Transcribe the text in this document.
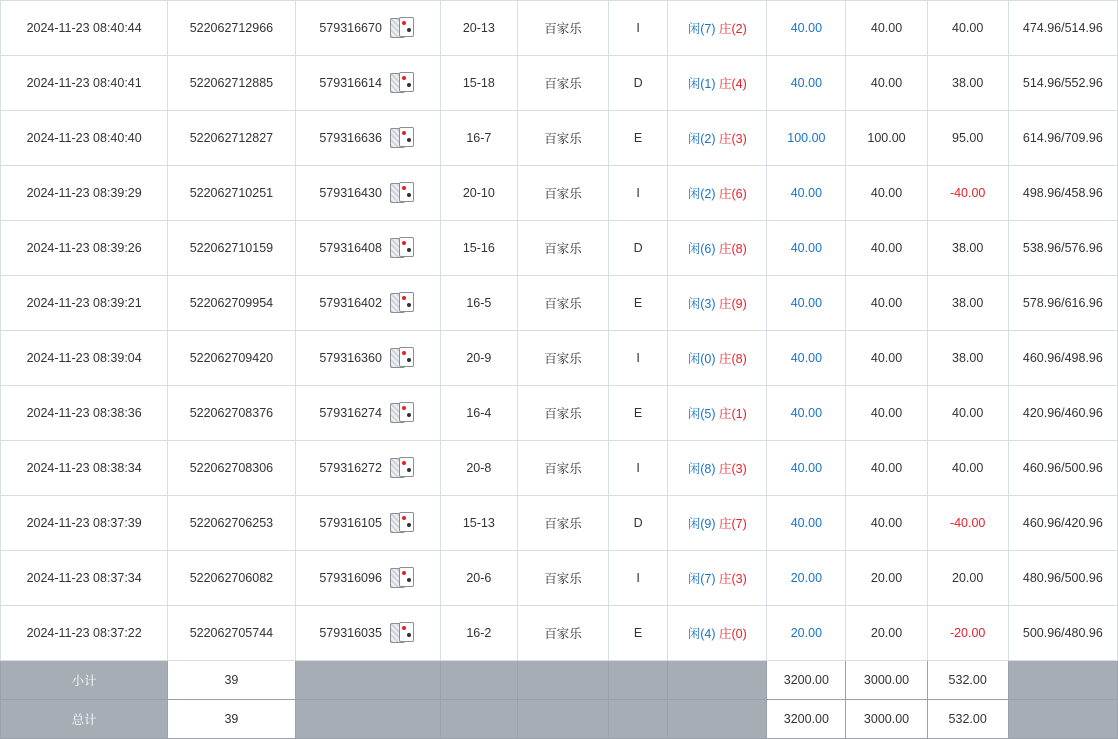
2024-11-23 08:40:44	522062712966	579316670	20-13	百家乐	I	闲(7) 庄(2)	40.00	40.00	40.00	474.96/514.96
2024-11-23 08:40:41	522062712885	579316614	15-18	百家乐	D	闲(1) 庄(4)	40.00	40.00	38.00	514.96/552.96
2024-11-23 08:40:40	522062712827	579316636	16-7	百家乐	E	闲(2) 庄(3)	100.00	100.00	95.00	614.96/709.96
2024-11-23 08:39:29	522062710251	579316430	20-10	百家乐	I	闲(2) 庄(6)	40.00	40.00	-40.00	498.96/458.96
2024-11-23 08:39:26	522062710159	579316408	15-16	百家乐	D	闲(6) 庄(8)	40.00	40.00	38.00	538.96/576.96
2024-11-23 08:39:21	522062709954	579316402	16-5	百家乐	E	闲(3) 庄(9)	40.00	40.00	38.00	578.96/616.96
2024-11-23 08:39:04	522062709420	579316360	20-9	百家乐	I	闲(0) 庄(8)	40.00	40.00	38.00	460.96/498.96
2024-11-23 08:38:36	522062708376	579316274	16-4	百家乐	E	闲(5) 庄(1)	40.00	40.00	40.00	420.96/460.96
2024-11-23 08:38:34	522062708306	579316272	20-8	百家乐	I	闲(8) 庄(3)	40.00	40.00	40.00	460.96/500.96
2024-11-23 08:37:39	522062706253	579316105	15-13	百家乐	D	闲(9) 庄(7)	40.00	40.00	-40.00	460.96/420.96
2024-11-23 08:37:34	522062706082	579316096	20-6	百家乐	I	闲(7) 庄(3)	20.00	20.00	20.00	480.96/500.96
2024-11-23 08:37:22	522062705744	579316035	16-2	百家乐	E	闲(4) 庄(0)	20.00	20.00	-20.00	500.96/480.96
小计	39						3200.00	3000.00	532.00	
总计	39						3200.00	3000.00	532.00	
